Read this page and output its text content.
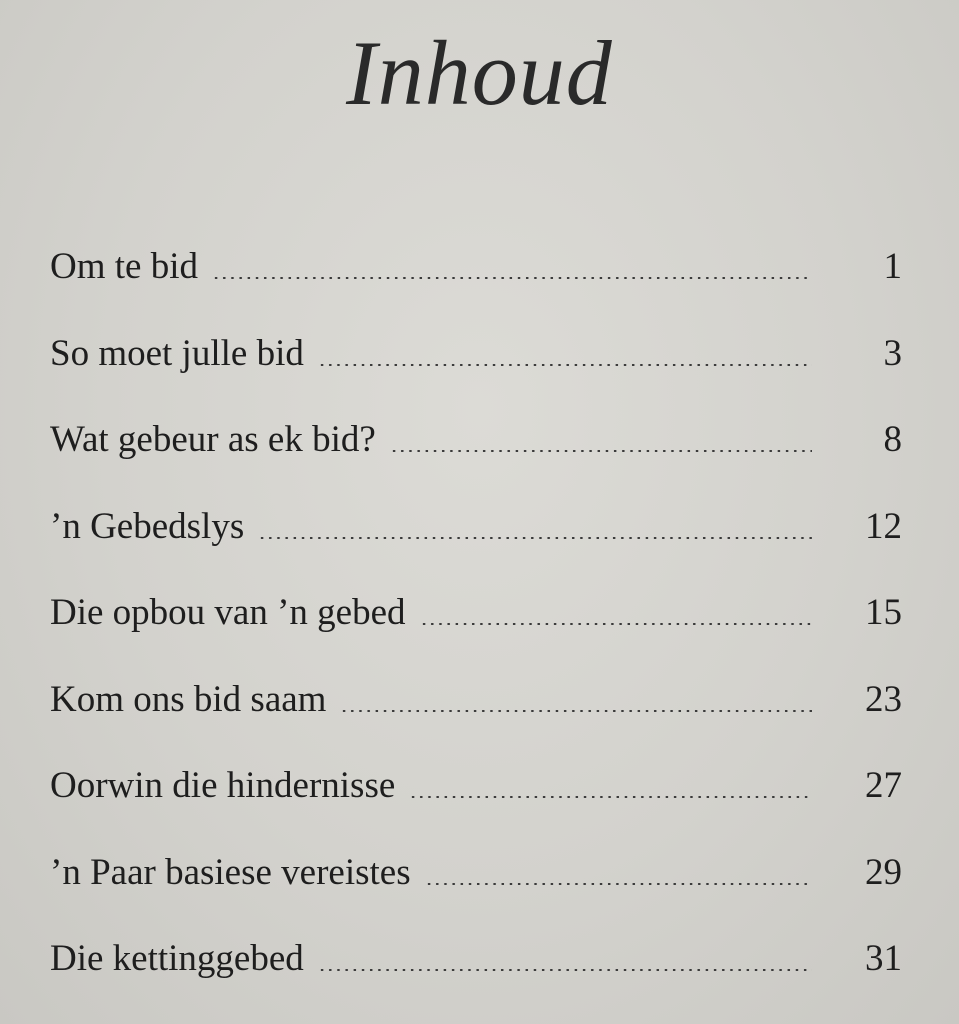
Inhoud
Om te bid	1
So moet julle bid	3
Wat gebeur as ek bid?	8
’n Gebedslys	12
Die opbou van ’n gebed	15
Kom ons bid saam	23
Oorwin die hindernisse	27
’n Paar basiese vereistes	29
Die kettinggebed	31
